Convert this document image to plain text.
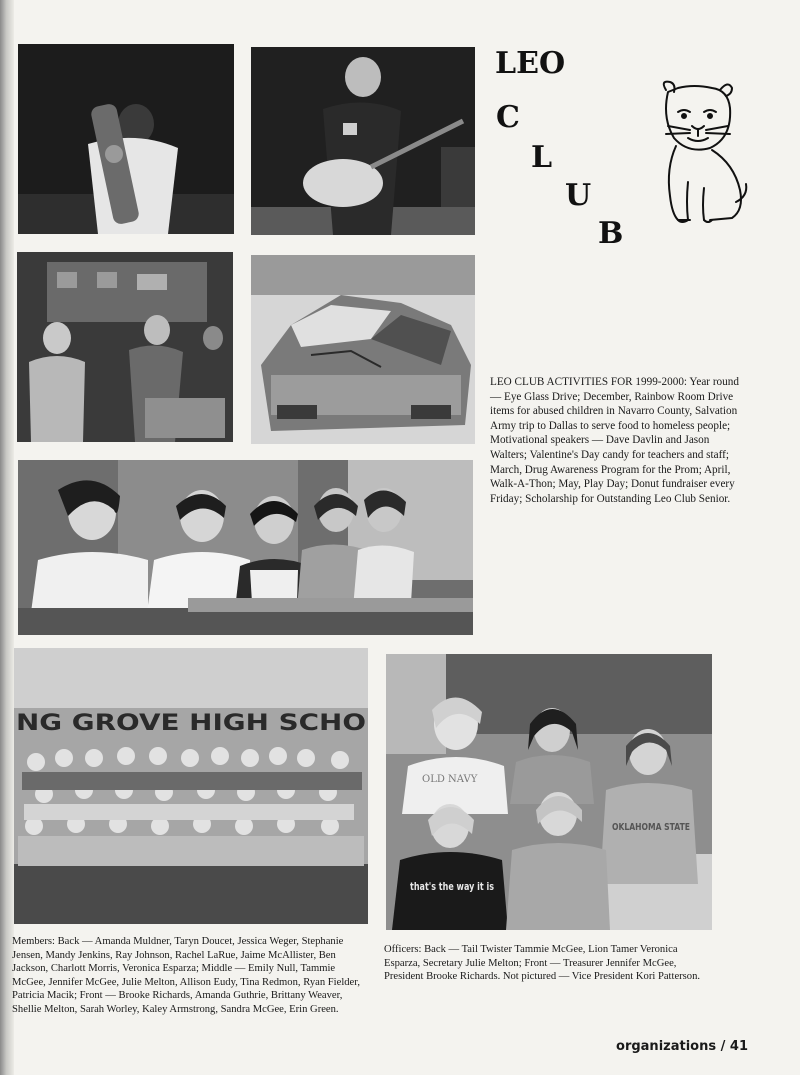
LEO
C
L
U
B
LEO CLUB ACTIVITIES FOR 1999-2000: Year round — Eye Glass Drive; December, Rainbow Room Drive items for abused children in Navarro County, Salvation Army trip to Dallas to serve food to homeless people; Motivational speakers — Dave Davlin and Jason Walters; Valentine's Day candy for teachers and staff; March, Drug Awareness Program for the Prom; April, Walk-A-Thon; May, Play Day; Donut fundraiser every Friday; Scholarship for Outstanding Leo Club Senior.
NG GROVE HIGH SCHO
OLD NAVY
OKLAHOMA STATE
that's the way it is
Members: Back — Amanda Muldner, Taryn Doucet, Jessica Weger, Stephanie Jensen, Mandy Jenkins, Ray Johnson, Rachel LaRue, Jaime McAllister, Ben Jackson, Charlott Morris, Veronica Esparza; Middle — Emily Null, Tammie McGee, Jennifer McGee, Julie Melton, Allison Eudy, Tina Redmon, Ryan Fielder, Patricia Macik; Front — Brooke Richards, Amanda Guthrie, Brittany Weaver, Shellie Melton, Sarah Worley, Kaley Armstrong, Sandra McGee, Erin Green.
Officers: Back — Tail Twister Tammie McGee, Lion Tamer Veronica Esparza, Secretary Julie Melton; Front — Treasurer Jennifer McGee, President Brooke Richards. Not pictured — Vice President Kori Patterson.
organizations / 41
